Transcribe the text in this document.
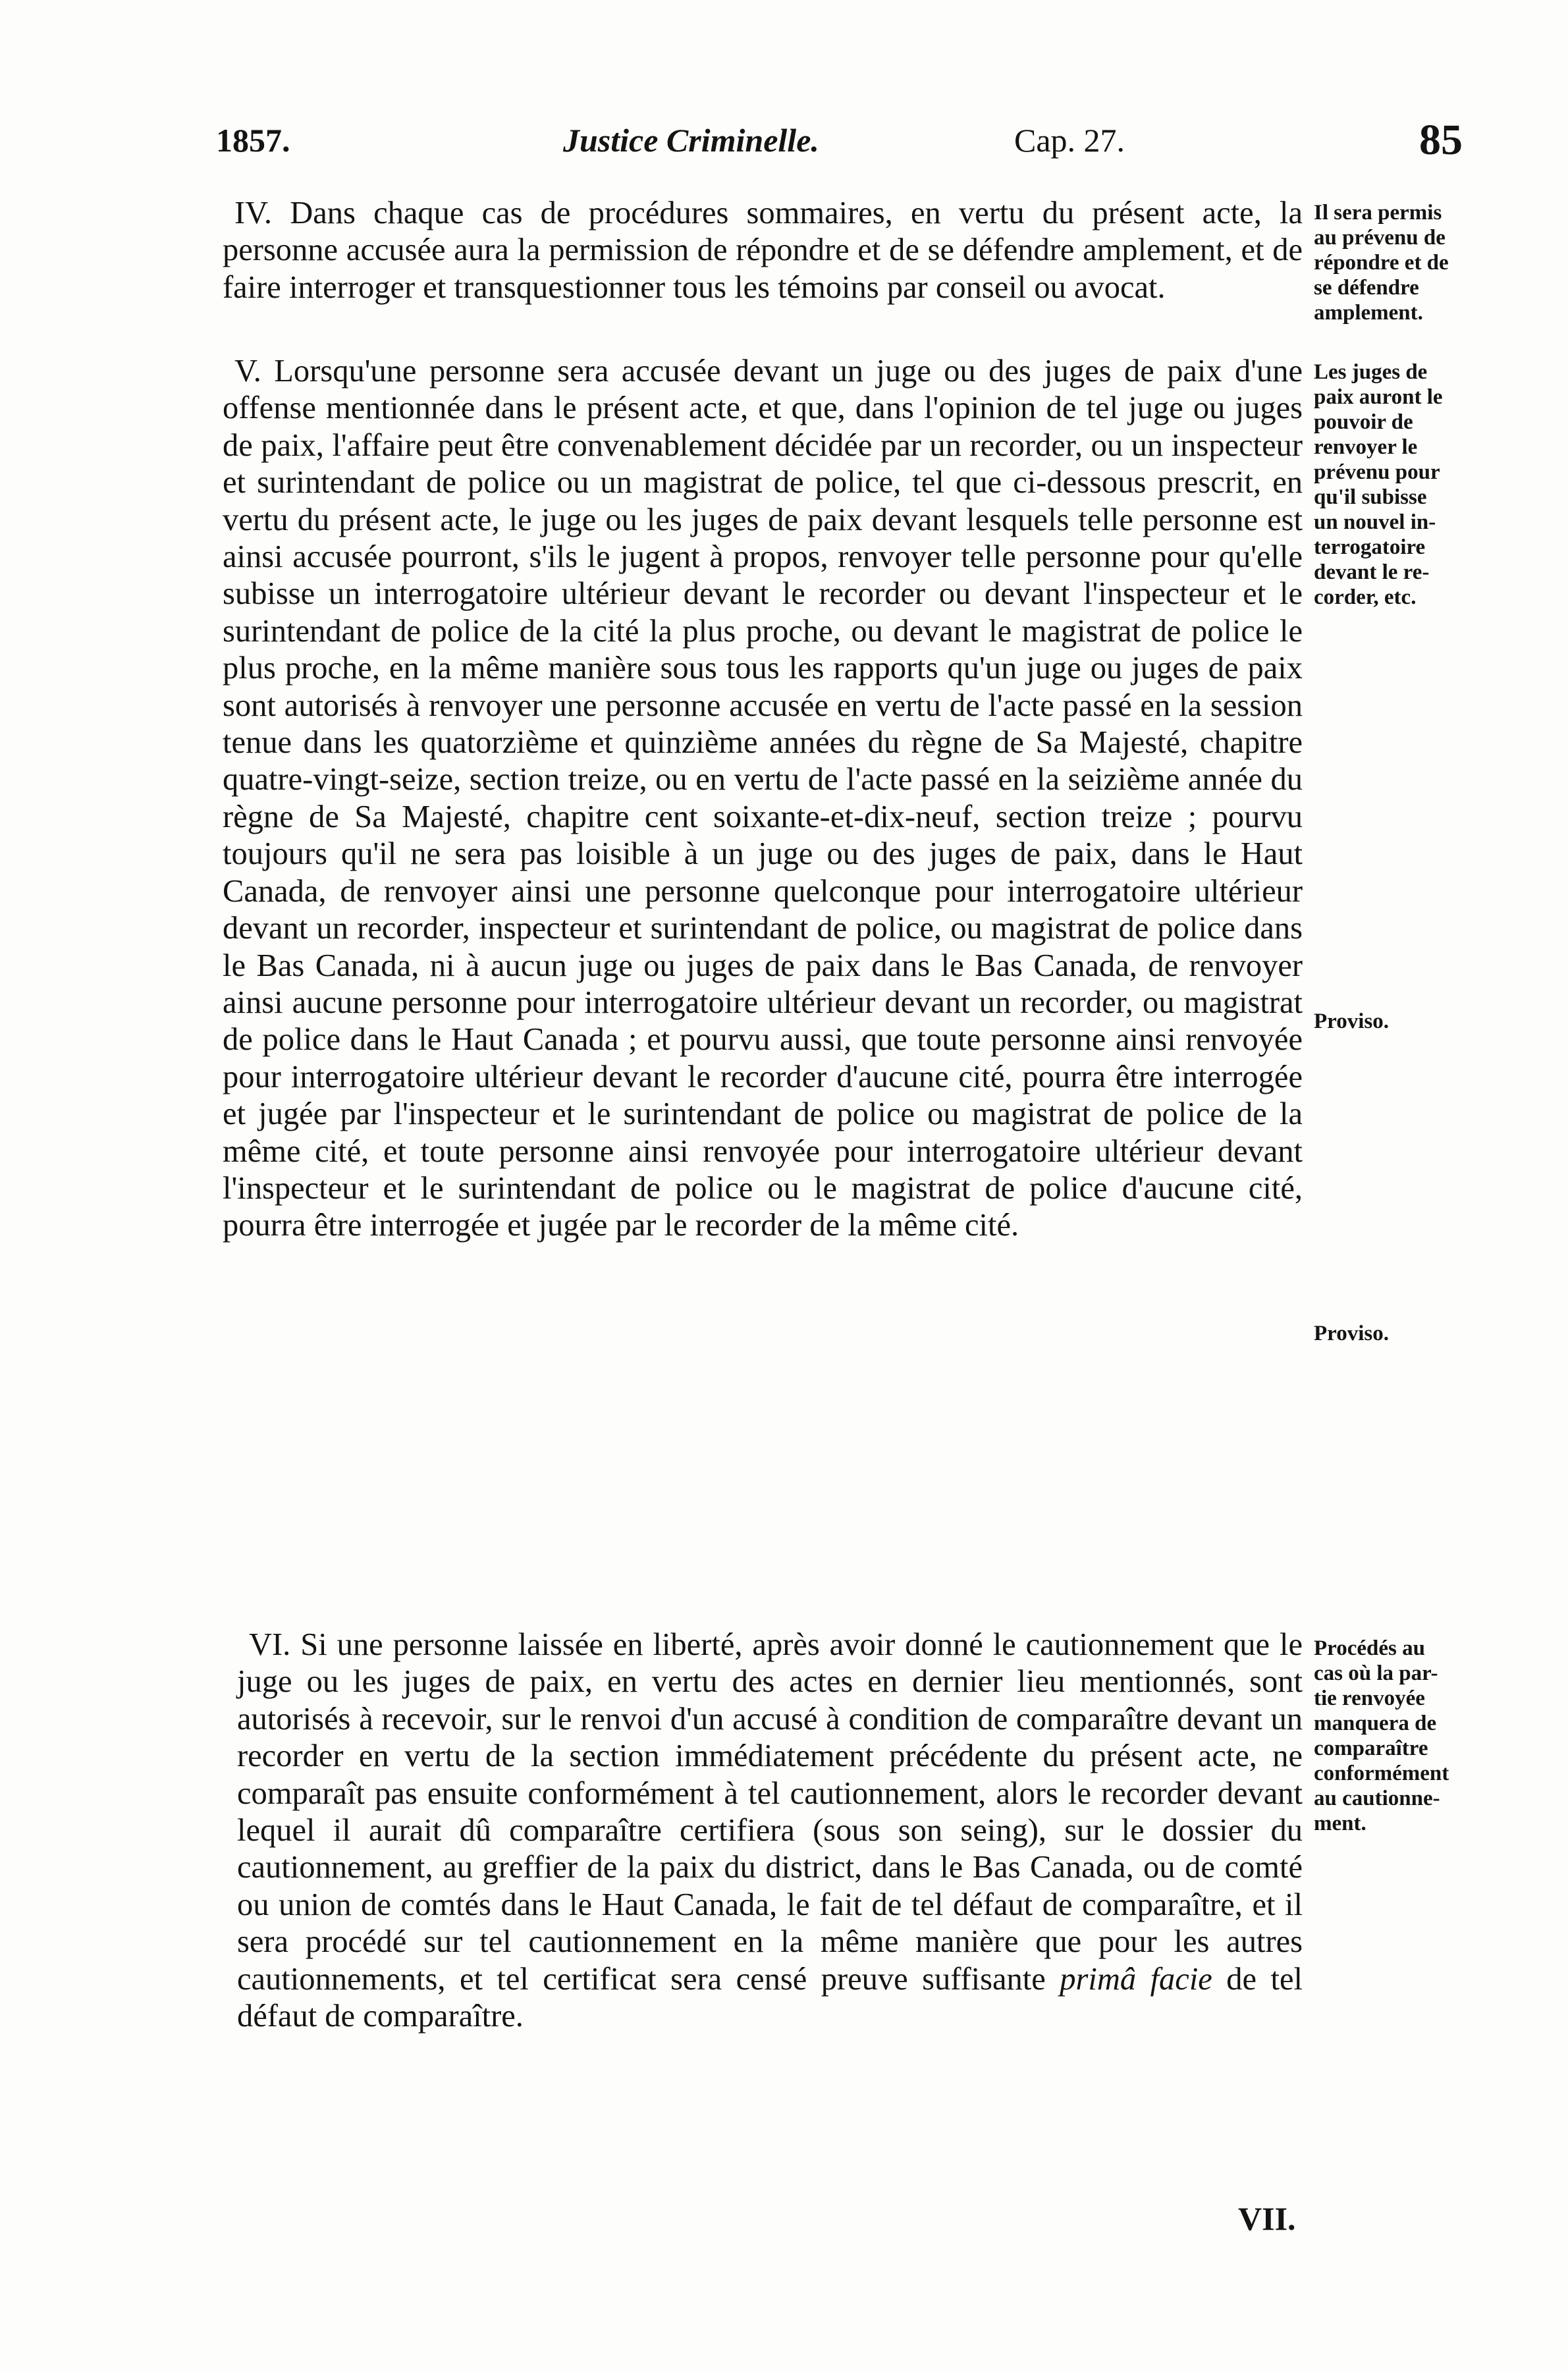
1857.	Justice Criminelle.	Cap. 27.	85

IV. Dans chaque cas de procédures sommaires, en vertu du présent acte, la personne accusée aura la permission de répondre et de se défendre amplement, et de faire interroger et transquestionner tous les témoins par conseil ou avocat.

V. Lorsqu'une personne sera accusée devant un juge ou des juges de paix d'une offense mentionnée dans le présent acte, et que, dans l'opinion de tel juge ou juges de paix, l'affaire peut être convenablement décidée par un recorder, ou un inspecteur et surintendant de police ou un magistrat de police, tel que ci-dessous prescrit, en vertu du présent acte, le juge ou les juges de paix devant lesquels telle personne est ainsi accusée pourront, s'ils le jugent à propos, renvoyer telle personne pour qu'elle subisse un interrogatoire ultérieur devant le recorder ou devant l'inspecteur et le surintendant de police de la cité la plus proche, ou devant le magistrat de police le plus proche, en la même manière sous tous les rapports qu'un juge ou juges de paix sont autorisés à renvoyer une personne accusée en vertu de l'acte passé en la session tenue dans les quatorzième et quinzième années du règne de Sa Majesté, chapitre quatre-vingt-seize, section treize, ou en vertu de l'acte passé en la seizième année du règne de Sa Majesté, chapitre cent soixante-et-dix-neuf, section treize ; pourvu toujours qu'il ne sera pas loisible à un juge ou des juges de paix, dans le Haut Canada, de renvoyer ainsi une personne quelconque pour interrogatoire ultérieur devant un recorder, inspecteur et surintendant de police, ou magistrat de police dans le Bas Canada, ni à aucun juge ou juges de paix dans le Bas Canada, de renvoyer ainsi aucune personne pour interrogatoire ultérieur devant un recorder, ou magistrat de police dans le Haut Canada ; et pourvu aussi, que toute personne ainsi renvoyée pour interrogatoire ultérieur devant le recorder d'aucune cité, pourra être interrogée et jugée par l'inspecteur et le surintendant de police ou magistrat de police de la même cité, et toute personne ainsi renvoyée pour interrogatoire ultérieur devant l'inspecteur et le surintendant de police ou le magistrat de police d'aucune cité, pourra être interrogée et jugée par le recorder de la même cité.

VI. Si une personne laissée en liberté, après avoir donné le cautionnement que le juge ou les juges de paix, en vertu des actes en dernier lieu mentionnés, sont autorisés à recevoir, sur le renvoi d'un accusé à condition de comparaître devant un recorder en vertu de la section immédiatement précédente du présent acte, ne comparaît pas ensuite conformément à tel cautionnement, alors le recorder devant lequel il aurait dû comparaître certifiera (sous son seing), sur le dossier du cautionnement, au greffier de la paix du district, dans le Bas Canada, ou de comté ou union de comtés dans le Haut Canada, le fait de tel défaut de comparaître, et il sera procédé sur tel cautionnement en la même manière que pour les autres cautionnements, et tel certificat sera censé preuve suffisante primâ facie de tel défaut de comparaître.

Il sera permis
au prévenu de
répondre et de
se défendre
amplement.
Les juges de
paix auront le
pouvoir de
renvoyer le
prévenu pour
qu'il subisse
un nouvel in-
terrogatoire
devant le re-
corder, etc.
Proviso.
Proviso.
Procédés au
cas où la par-
tie renvoyée
manquera de
comparaître
conformément
au cautionne-
ment.
VII.
